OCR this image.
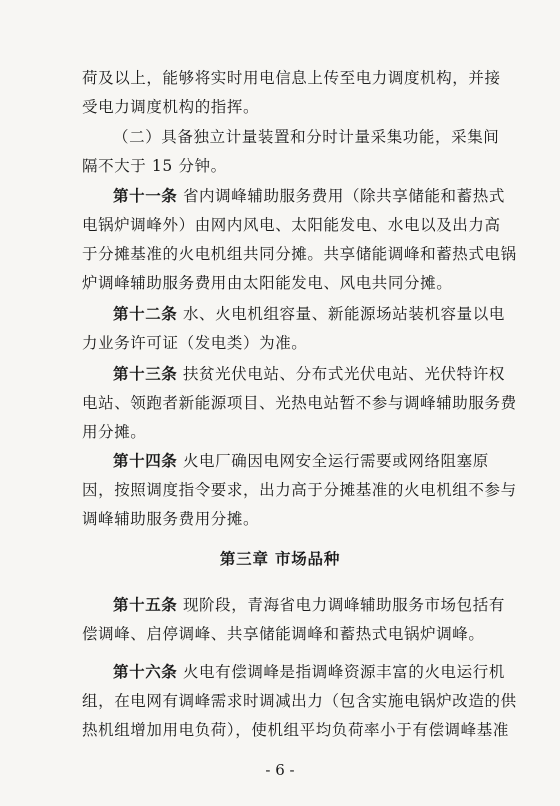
荷及以上，能够将实时用电信息上传至电力调度机构，并接
受电力调度机构的指挥。
（二）具备独立计量装置和分时计量采集功能，采集间
隔不大于 15 分钟。
第十一条 省内调峰辅助服务费用（除共享储能和蓄热式
电锅炉调峰外）由网内风电、太阳能发电、水电以及出力高
于分摊基准的火电机组共同分摊。共享储能调峰和蓄热式电锅
炉调峰辅助服务费用由太阳能发电、风电共同分摊。
第十二条 水、火电机组容量、新能源场站装机容量以电
力业务许可证（发电类）为准。
第十三条 扶贫光伏电站、分布式光伏电站、光伏特许权
电站、领跑者新能源项目、光热电站暂不参与调峰辅助服务费
用分摊。
第十四条 火电厂确因电网安全运行需要或网络阻塞原
因，按照调度指令要求，出力高于分摊基准的火电机组不参与
第三章 市场品种
第十五条 现阶段，青海省电力调峰辅助服务市场包括有
偿调峰、启停调峰、共享储能调峰和蓄热式电锅炉调峰。
第十六条 火电有偿调峰是指调峰资源丰富的火电运行机
组，在电网有调峰需求时调减出力（包含实施电锅炉改造的供
热机组增加用电负荷），使机组平均负荷率小于有偿调峰基准
- 6 -
调峰辅助服务费用分摊。
